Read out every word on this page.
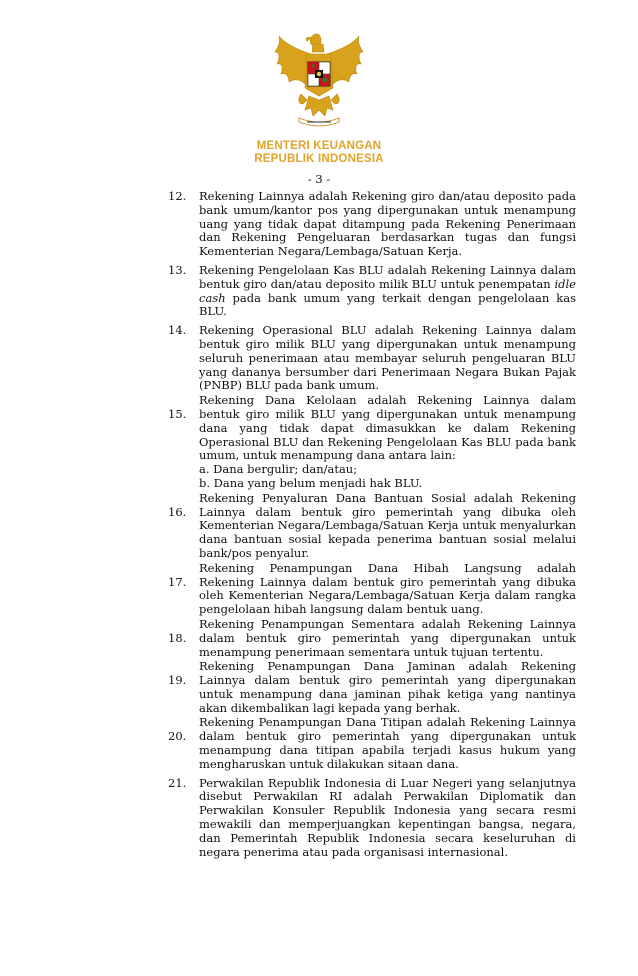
MENTERI KEUANGAN
REPUBLIK INDONESIA
- 3 -
12.	Rekening Lainnya adalah Rekening giro dan/atau deposito pada bank umum/kantor pos yang dipergunakan untuk menampung uang yang tidak dapat ditampung pada Rekening Penerimaan dan Rekening Pengeluaran berdasarkan tugas dan fungsi Kementerian Negara/Lembaga/Satuan Kerja.
13.	Rekening Pengelolaan Kas BLU adalah Rekening Lainnya dalam bentuk giro dan/atau deposito milik BLU untuk penempatan idle cash pada bank umum yang terkait dengan pengelolaan kas BLU.
14.	Rekening Operasional BLU adalah Rekening Lainnya dalam bentuk giro milik BLU yang dipergunakan untuk menampung seluruh penerimaan atau membayar seluruh pengeluaran BLU yang dananya bersumber dari Penerimaan Negara Bukan Pajak (PNBP) BLU pada bank umum.
15.
Rekening Dana Kelolaan adalah Rekening Lainnya dalam bentuk giro milik BLU yang dipergunakan untuk menampung dana yang tidak dapat dimasukkan ke dalam Rekening Operasional BLU dan Rekening Pengelolaan Kas BLU pada bank umum, untuk menampung dana antara lain:
a. Dana bergulir; dan/atau;
b. Dana yang belum menjadi hak BLU.
16.
Rekening Penyaluran Dana Bantuan Sosial adalah Rekening Lainnya dalam bentuk giro pemerintah yang dibuka oleh Kementerian Negara/Lembaga/Satuan Kerja untuk menyalurkan dana bantuan sosial kepada penerima bantuan sosial melalui bank/pos penyalur.
17.
Rekening Penampungan Dana Hibah Langsung adalah Rekening Lainnya dalam bentuk giro pemerintah yang dibuka oleh Kementerian Negara/Lembaga/Satuan Kerja dalam rangka pengelolaan hibah langsung dalam bentuk uang.
18.
Rekening Penampungan Sementara adalah Rekening Lainnya dalam bentuk giro pemerintah yang dipergunakan untuk menampung penerimaan sementara untuk tujuan tertentu.
19.
Rekening Penampungan Dana Jaminan adalah Rekening Lainnya dalam bentuk giro pemerintah yang dipergunakan untuk menampung dana jaminan pihak ketiga yang nantinya akan dikembalikan lagi kepada yang berhak.
20.
Rekening Penampungan Dana Titipan adalah Rekening Lainnya dalam bentuk giro pemerintah yang dipergunakan untuk menampung dana titipan apabila terjadi kasus hukum yang mengharuskan untuk dilakukan sitaan dana.
21.	Perwakilan Republik Indonesia di Luar Negeri yang selanjutnya disebut Perwakilan RI adalah Perwakilan Diplomatik dan Perwakilan Konsuler Republik Indonesia yang secara resmi mewakili dan memperjuangkan kepentingan bangsa, negara, dan Pemerintah Republik Indonesia secara keseluruhan di negara penerima atau pada organisasi internasional.
